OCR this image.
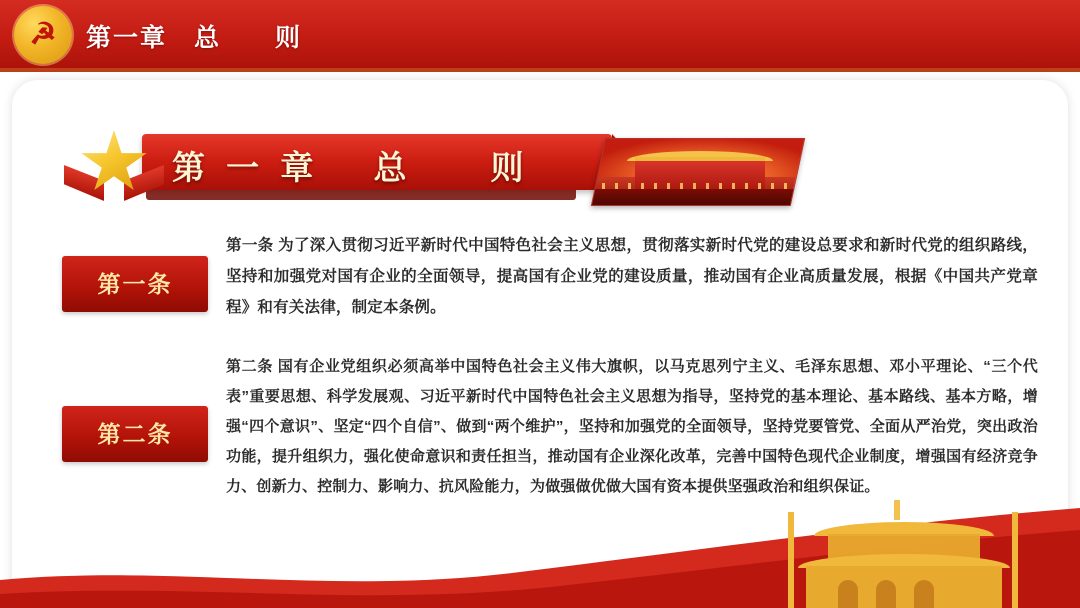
☭ 第一章　总　　则
第 一 章　 总　　则
第一条
第一条 为了深入贯彻习近平新时代中国特色社会主义思想，贯彻落实新时代党的建设总要求和新时代党的组织路线，坚持和加强党对国有企业的全面领导，提高国有企业党的建设质量，推动国有企业高质量发展，根据《中国共产党章程》和有关法律，制定本条例。
第二条
第二条 国有企业党组织必须高举中国特色社会主义伟大旗帜，以马克思列宁主义、毛泽东思想、邓小平理论、“三个代表”重要思想、科学发展观、习近平新时代中国特色社会主义思想为指导，坚持党的基本理论、基本路线、基本方略，增强“四个意识”、坚定“四个自信”、做到“两个维护”，坚持和加强党的全面领导，坚持党要管党、全面从严治党，突出政治功能，提升组织力，强化使命意识和责任担当，推动国有企业深化改革，完善中国特色现代企业制度，增强国有经济竞争力、创新力、控制力、影响力、抗风险能力，为做强做优做大国有资本提供坚强政治和组织保证。
